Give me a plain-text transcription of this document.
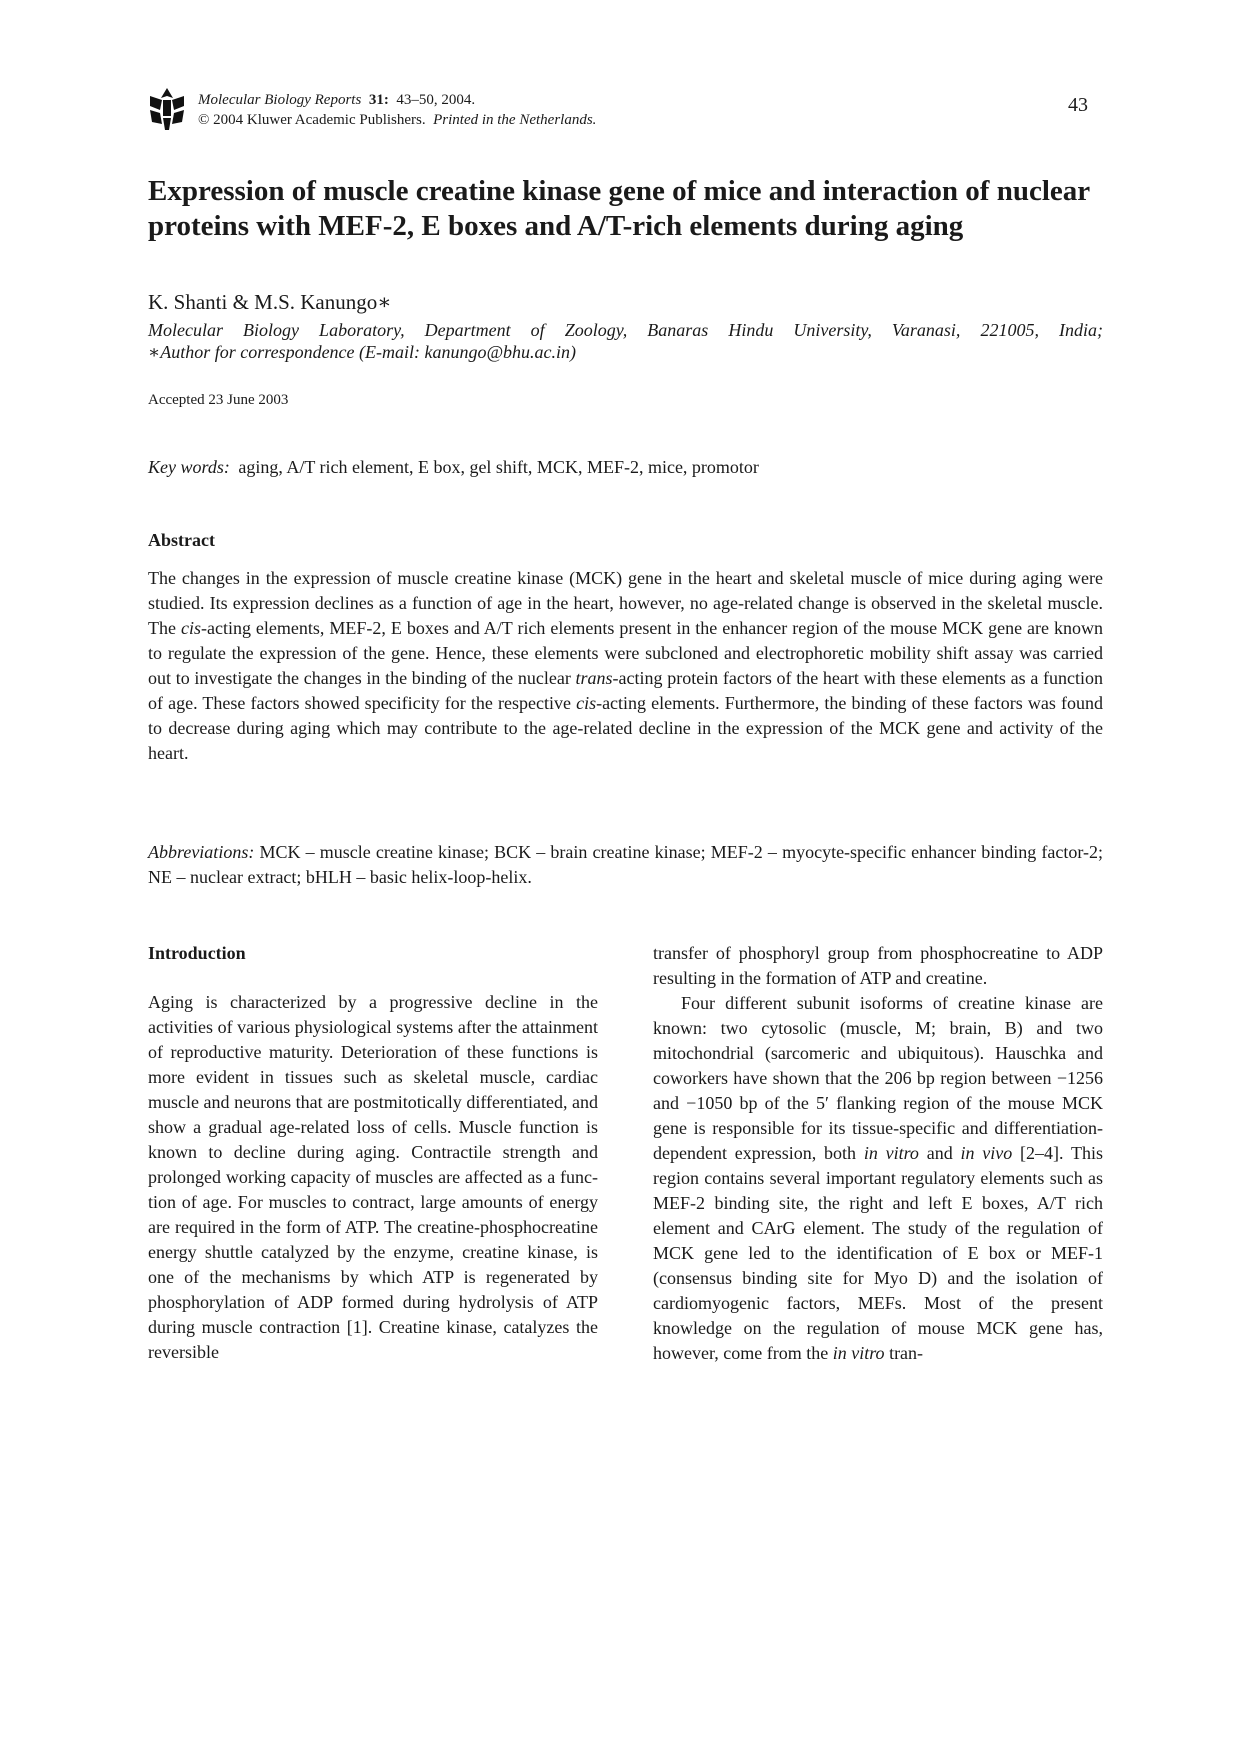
Molecular Biology Reports 31: 43–50, 2004.
© 2004 Kluwer Academic Publishers. Printed in the Netherlands.
43
Expression of muscle creatine kinase gene of mice and interaction of nuclear proteins with MEF-2, E boxes and A/T-rich elements during aging
K. Shanti & M.S. Kanungo∗
Molecular Biology Laboratory, Department of Zoology, Banaras Hindu University, Varanasi, 221005, India;
∗Author for correspondence (E-mail: kanungo@bhu.ac.in)
Accepted 23 June 2003
Key words: aging, A/T rich element, E box, gel shift, MCK, MEF-2, mice, promotor
Abstract

The changes in the expression of muscle creatine kinase (MCK) gene in the heart and skeletal muscle of mice during aging were studied. Its expression declines as a function of age in the heart, however, no age-related change is observed in the skeletal muscle. The cis-acting elements, MEF-2, E boxes and A/T rich elements present in the enhancer region of the mouse MCK gene are known to regulate the expression of the gene. Hence, these elements were subcloned and electrophoretic mobility shift assay was carried out to investigate the changes in the binding of the nuclear trans-acting protein factors of the heart with these elements as a function of age. These factors showed specificity for the respective cis-acting elements. Furthermore, the binding of these factors was found to decrease during aging which may contribute to the age-related decline in the expression of the MCK gene and activity of the heart.

Abbreviations: MCK – muscle creatine kinase; BCK – brain creatine kinase; MEF-2 – myocyte-specific enhancer binding factor-2; NE – nuclear extract; bHLH – basic helix-loop-helix.

Introduction

Aging is characterized by a progressive decline in the activities of various physiological systems after the attainment of reproductive maturity. Deterioration of these functions is more evident in tissues such as skeletal muscle, cardiac muscle and neurons that are postmitotically differentiated, and show a gradual age-related loss of cells. Muscle function is known to decline during aging. Contractile strength and prolonged working capacity of muscles are affected as a function of age. For muscles to contract, large amounts of energy are required in the form of ATP. The creatine-phosphocreatine energy shuttle catalyzed by the enzyme, creatine kinase, is one of the mechanisms by which ATP is regenerated by phosphorylation of ADP formed during hydrolysis of ATP during muscle contraction [1]. Creatine kinase, catalyzes the reversible

transfer of phosphoryl group from phosphocreatine to ADP resulting in the formation of ATP and creatine.

Four different subunit isoforms of creatine kinase are known: two cytosolic (muscle, M; brain, B) and two mitochondrial (sarcomeric and ubiquitous). Hauschka and coworkers have shown that the 206 bp region between −1256 and −1050 bp of the 5′ flanking region of the mouse MCK gene is responsible for its tissue-specific and differentiation-dependent expression, both in vitro and in vivo [2–4]. This region contains several important regulatory elements such as MEF-2 binding site, the right and left E boxes, A/T rich element and CArG element. The study of the regulation of MCK gene led to the identification of E box or MEF-1 (consensus binding site for Myo D) and the isolation of cardiomyogenic factors, MEFs. Most of the present knowledge on the regulation of mouse MCK gene has, however, come from the in vitro tran-
